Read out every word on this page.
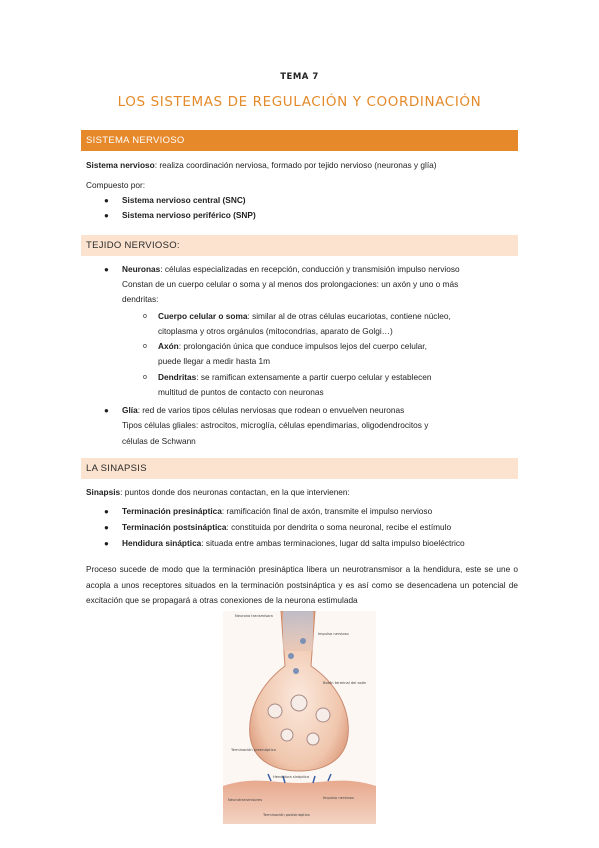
TEMA 7
LOS SISTEMAS DE REGULACIÓN Y COORDINACIÓN
SISTEMA NERVIOSO
Sistema nervioso: realiza coordinación nerviosa, formado por tejido nervioso (neuronas y glía)
Compuesto por:
● Sistema nervioso central (SNC)
● Sistema nervioso periférico (SNP)
TEJIDO NERVIOSO:
● Neuronas: células especializadas en recepción, conducción y transmisión impulso nervioso
Constan de un cuerpo celular o soma y al menos dos prolongaciones: un axón y uno o más
dendritas:
o Cuerpo celular o soma: similar al de otras células eucariotas, contiene núcleo,
citoplasma y otros orgánulos (mitocondrias, aparato de Golgi…)
o Axón: prolongación única que conduce impulsos lejos del cuerpo celular,
puede llegar a medir hasta 1m
o Dendritas: se ramifican extensamente a partir cuerpo celular y establecen
multitud de puntos de contacto con neuronas
● Glía: red de varios tipos células nerviosas que rodean o envuelven neuronas
Tipos células gliales: astrocitos, microglía, células ependimarias, oligodendrocitos y
células de Schwann
LA SINAPSIS
Sinapsis: puntos donde dos neuronas contactan, en la que intervienen:
● Terminación presináptica: ramificación final de axón, transmite el impulso nervioso
● Terminación postsináptica: constituida por dendrita o soma neuronal, recibe el estímulo
● Hendidura sináptica: situada entre ambas terminaciones, lugar dd salta impulso bioeléctrico
Proceso sucede de modo que la terminación presináptica libera un neurotransmisor a la hendidura, este se une o acopla a unos receptores situados en la terminación postsináptica y es así como se desencadena un potencial de excitación que se propagará a otras conexiones de la neurona estimulada
Neurona transmisora
Impulso nervioso
Botón terminal del axón
Terminación presináptica
Hendidura sináptica
Neurotransmisores	Impulso nervioso
Terminación postsináptica
